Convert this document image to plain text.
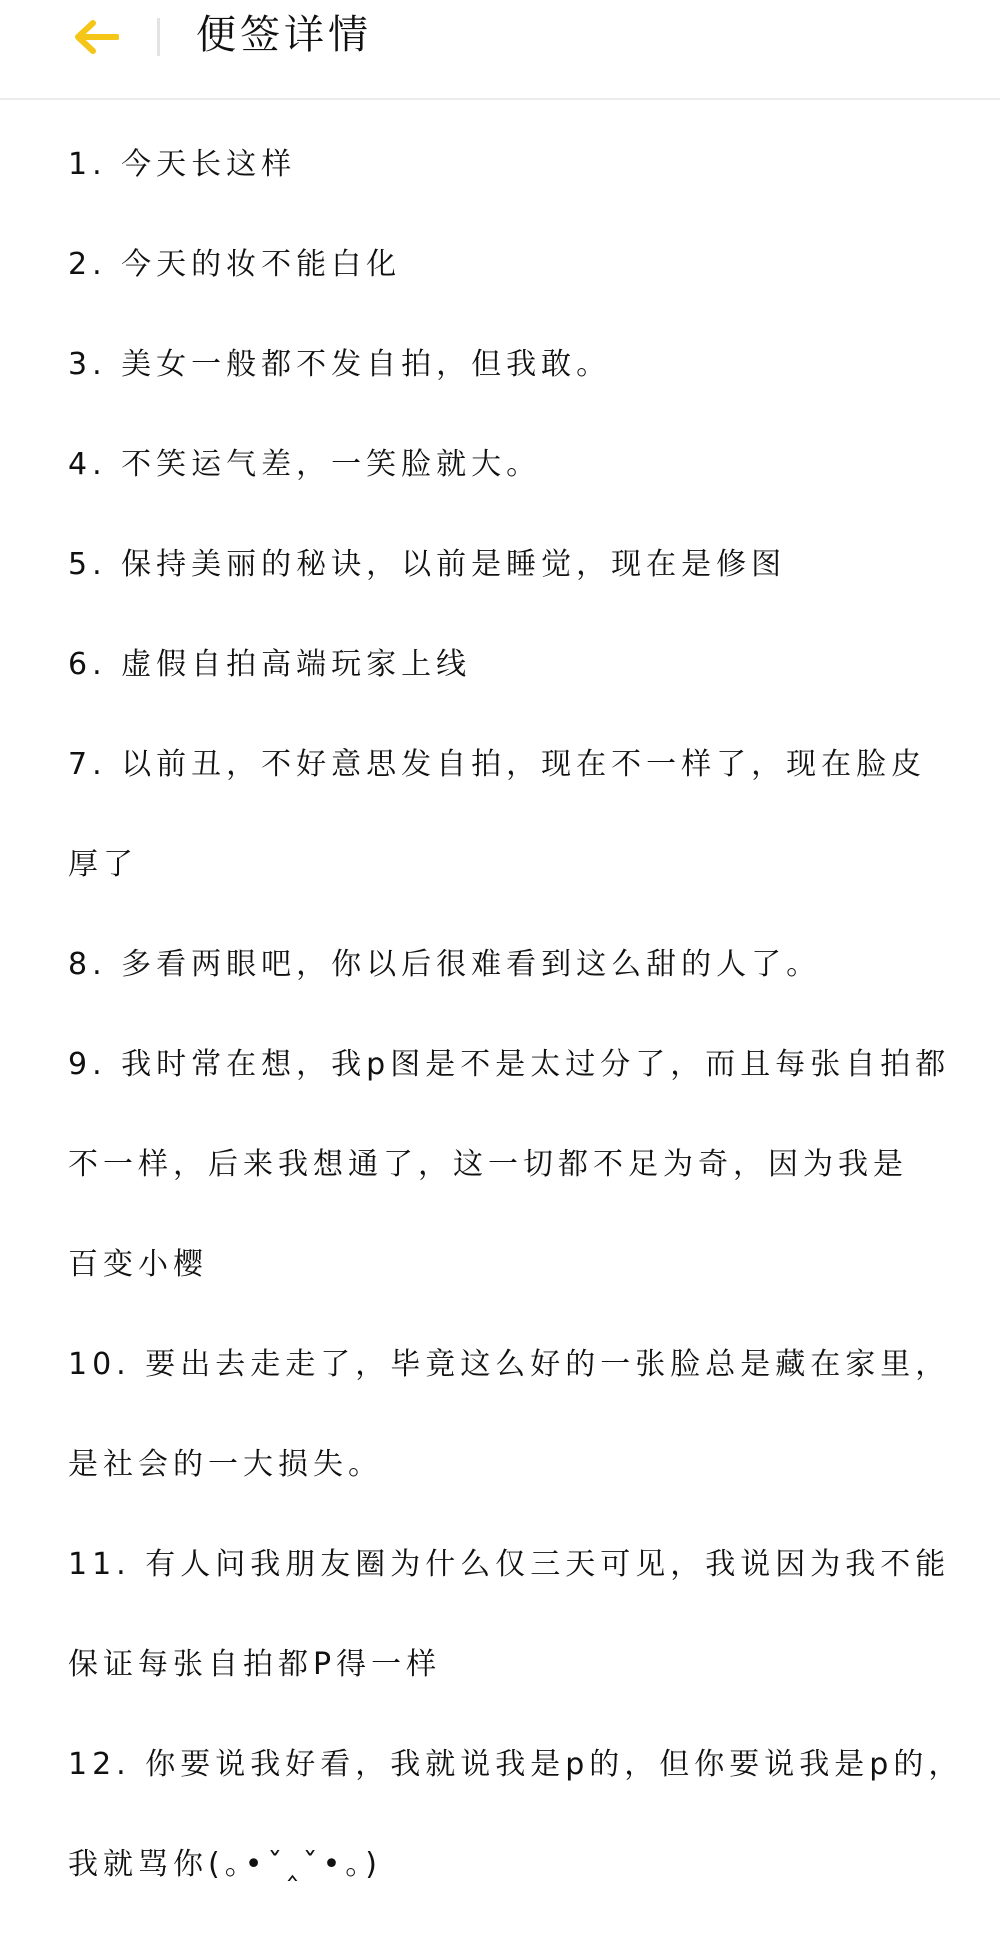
便签详情
1. 今天长这样
2. 今天的妆不能白化
3. 美女一般都不发自拍，但我敢。
4. 不笑运气差，一笑脸就大。
5. 保持美丽的秘诀，以前是睡觉，现在是修图
6. 虚假自拍高端玩家上线
7. 以前丑，不好意思发自拍，现在不一样了，现在脸皮
厚了
8. 多看两眼吧，你以后很难看到这么甜的人了。
9. 我时常在想，我p图是不是太过分了，而且每张自拍都
不一样，后来我想通了，这一切都不足为奇，因为我是
百变小樱
10. 要出去走走了，毕竟这么好的一张脸总是藏在家里，
是社会的一大损失。
11. 有人问我朋友圈为什么仅三天可见，我说因为我不能
保证每张自拍都P得一样
12. 你要说我好看，我就说我是p的，但你要说我是p的，
我就骂你(｡•ˇ‸ˇ•｡)
